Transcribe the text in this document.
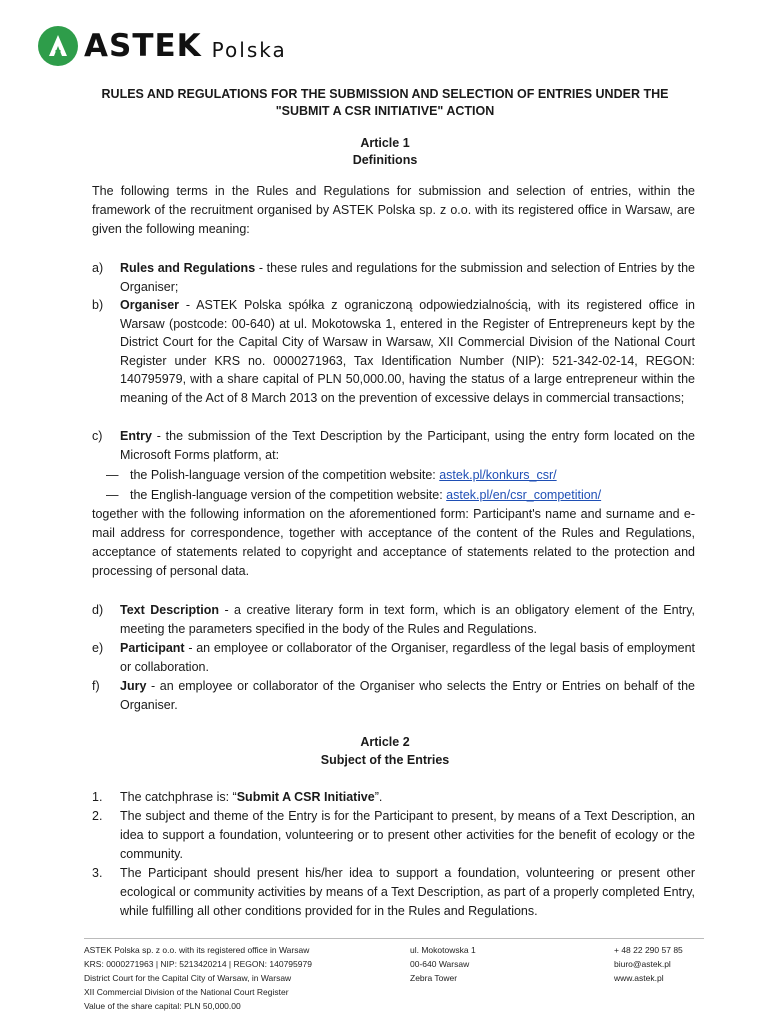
ASTEK Polska
RULES AND REGULATIONS FOR THE SUBMISSION AND SELECTION OF ENTRIES UNDER THE
"SUBMIT A CSR INITIATIVE" ACTION
Article 1
Definitions
The following terms in the Rules and Regulations for submission and selection of entries, within the framework of the recruitment organised by ASTEK Polska sp. z o.o. with its registered office in Warsaw, are given the following meaning:
a) Rules and Regulations - these rules and regulations for the submission and selection of Entries by the Organiser;
b) Organiser - ASTEK Polska spółka z ograniczoną odpowiedzialnością, with its registered office in Warsaw (postcode: 00-640) at ul. Mokotowska 1, entered in the Register of Entrepreneurs kept by the District Court for the Capital City of Warsaw in Warsaw, XII Commercial Division of the National Court Register under KRS no. 0000271963, Tax Identification Number (NIP): 521-342-02-14, REGON: 140795979, with a share capital of PLN 50,000.00, having the status of a large entrepreneur within the meaning of the Act of 8 March 2013 on the prevention of excessive delays in commercial transactions;
c) Entry - the submission of the Text Description by the Participant, using the entry form located on the Microsoft Forms platform, at:
— the Polish-language version of the competition website: astek.pl/konkurs_csr/
— the English-language version of the competition website: astek.pl/en/csr_competition/
together with the following information on the aforementioned form: Participant's name and surname and e-mail address for correspondence, together with acceptance of the content of the Rules and Regulations, acceptance of statements related to copyright and acceptance of statements related to the protection and processing of personal data.
d) Text Description - a creative literary form in text form, which is an obligatory element of the Entry, meeting the parameters specified in the body of the Rules and Regulations.
e) Participant - an employee or collaborator of the Organiser, regardless of the legal basis of employment or collaboration.
f) Jury - an employee or collaborator of the Organiser who selects the Entry or Entries on behalf of the Organiser.
Article 2
Subject of the Entries
1. The catchphrase is: “Submit A CSR Initiative”.
2. The subject and theme of the Entry is for the Participant to present, by means of a Text Description, an idea to support a foundation, volunteering or to present other activities for the benefit of ecology or the community.
3. The Participant should present his/her idea to support a foundation, volunteering or present other ecological or community activities by means of a Text Description, as part of a properly completed Entry, while fulfilling all other conditions provided for in the Rules and Regulations.
ASTEK Polska sp. z o.o. with its registered office in Warsaw
KRS: 0000271963 | NIP: 5213420214 | REGON: 140795979
District Court for the Capital City of Warsaw, in Warsaw
XII Commercial Division of the National Court Register
Value of the share capital: PLN 50,000.00
ul. Mokotowska 1
00-640 Warsaw
Zebra Tower
+ 48 22 290 57 85
biuro@astek.pl
www.astek.pl
